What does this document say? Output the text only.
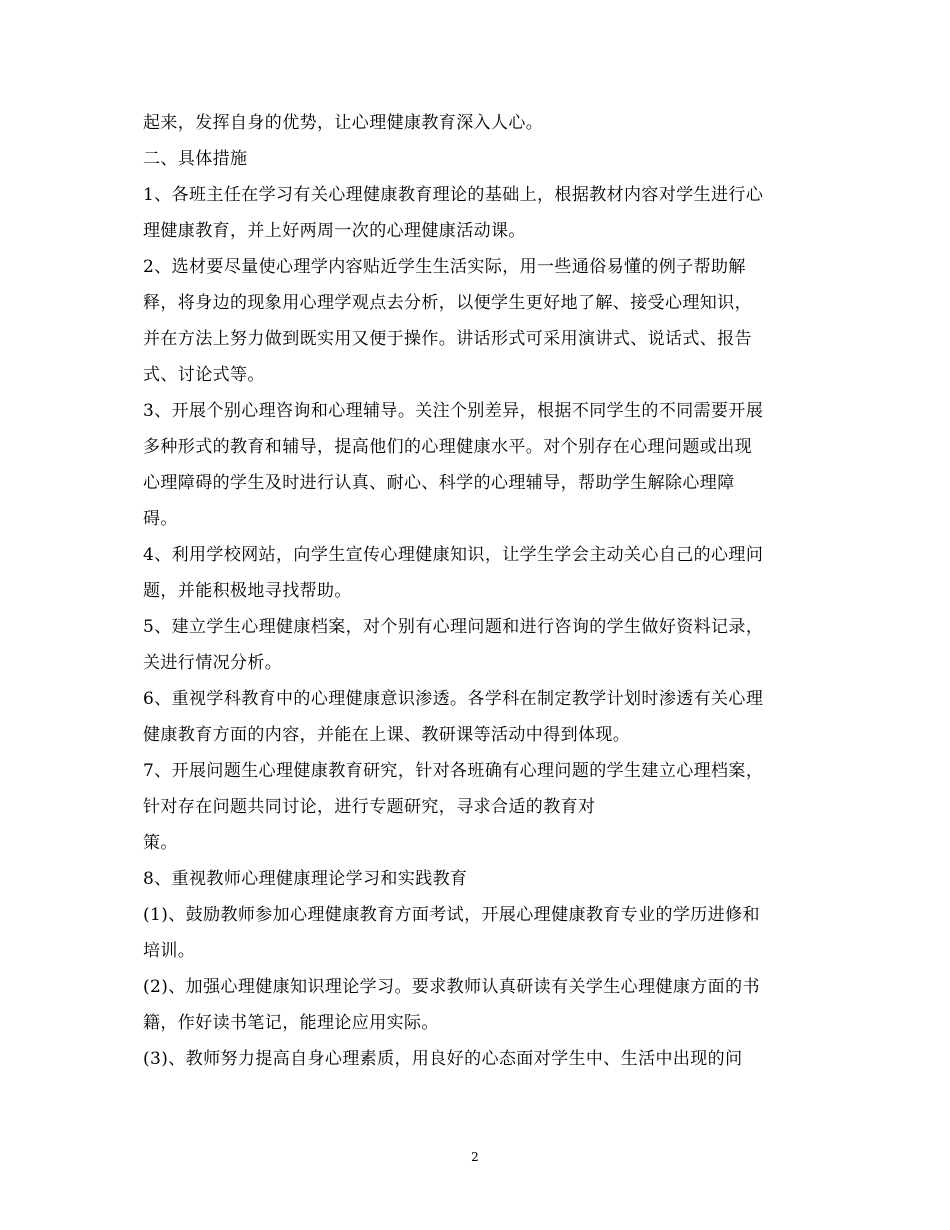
起来，发挥自身的优势，让心理健康教育深入人心。
二、具体措施
1、各班主任在学习有关心理健康教育理论的基础上，根据教材内容对学生进行心
理健康教育，并上好两周一次的心理健康活动课。
2、选材要尽量使心理学内容贴近学生生活实际，用一些通俗易懂的例子帮助解
释，将身边的现象用心理学观点去分析，以便学生更好地了解、接受心理知识，
并在方法上努力做到既实用又便于操作。讲话形式可采用演讲式、说话式、报告
式、讨论式等。
3、开展个别心理咨询和心理辅导。关注个别差异，根据不同学生的不同需要开展
多种形式的教育和辅导，提高他们的心理健康水平。对个别存在心理问题或出现
心理障碍的学生及时进行认真、耐心、科学的心理辅导，帮助学生解除心理障
碍。
4、利用学校网站，向学生宣传心理健康知识，让学生学会主动关心自己的心理问
题，并能积极地寻找帮助。
5、建立学生心理健康档案，对个别有心理问题和进行咨询的学生做好资料记录，
关进行情况分析。
6、重视学科教育中的心理健康意识渗透。各学科在制定教学计划时渗透有关心理
健康教育方面的内容，并能在上课、教研课等活动中得到体现。
7、开展问题生心理健康教育研究，针对各班确有心理问题的学生建立心理档案，
针对存在问题共同讨论，进行专题研究，寻求合适的教育对
策。
8、重视教师心理健康理论学习和实践教育
(1)、鼓励教师参加心理健康教育方面考试，开展心理健康教育专业的学历进修和
培训。
(2)、加强心理健康知识理论学习。要求教师认真研读有关学生心理健康方面的书
籍，作好读书笔记，能理论应用实际。
(3)、教师努力提高自身心理素质，用良好的心态面对学生中、生活中出现的问
2
